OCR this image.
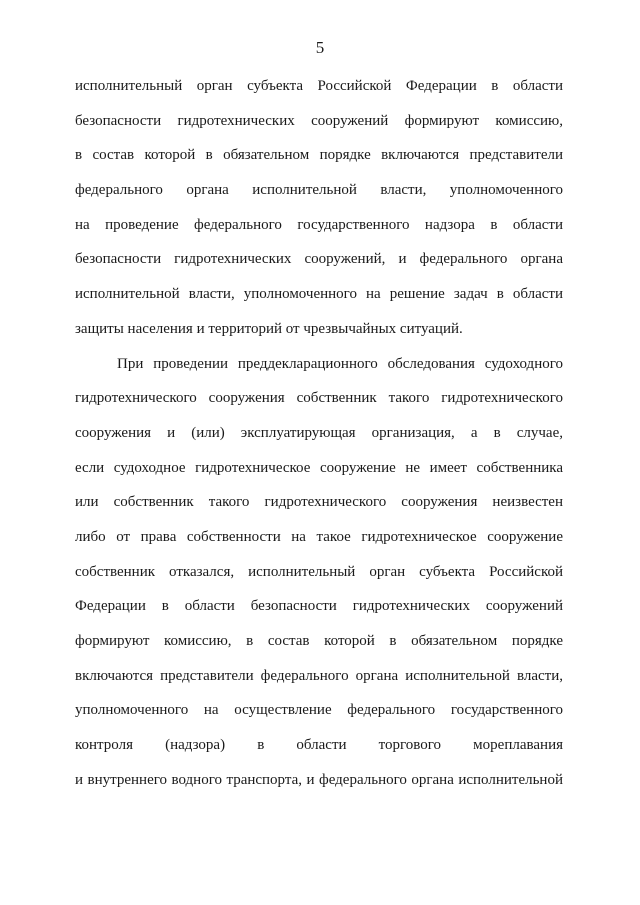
5
исполнительный орган субъекта Российской Федерации в области
безопасности гидротехнических сооружений формируют комиссию,
в состав которой в обязательном порядке включаются представители
федерального органа исполнительной власти, уполномоченного
на проведение федерального государственного надзора в области
безопасности гидротехнических сооружений, и федерального органа
исполнительной власти, уполномоченного на решение задач в области
защиты населения и территорий от чрезвычайных ситуаций.
При проведении преддекларационного обследования судоходного
гидротехнического сооружения собственник такого гидротехнического
сооружения и (или) эксплуатирующая организация, а в случае,
если судоходное гидротехническое сооружение не имеет собственника
или собственник такого гидротехнического сооружения неизвестен
либо от права собственности на такое гидротехническое сооружение
собственник отказался, исполнительный орган субъекта Российской
Федерации в области безопасности гидротехнических сооружений
формируют комиссию, в состав которой в обязательном порядке
включаются представители федерального органа исполнительной власти,
уполномоченного на осуществление федерального государственного
контроля (надзора) в области торгового мореплавания
и внутреннего водного транспорта, и федерального органа исполнительной
